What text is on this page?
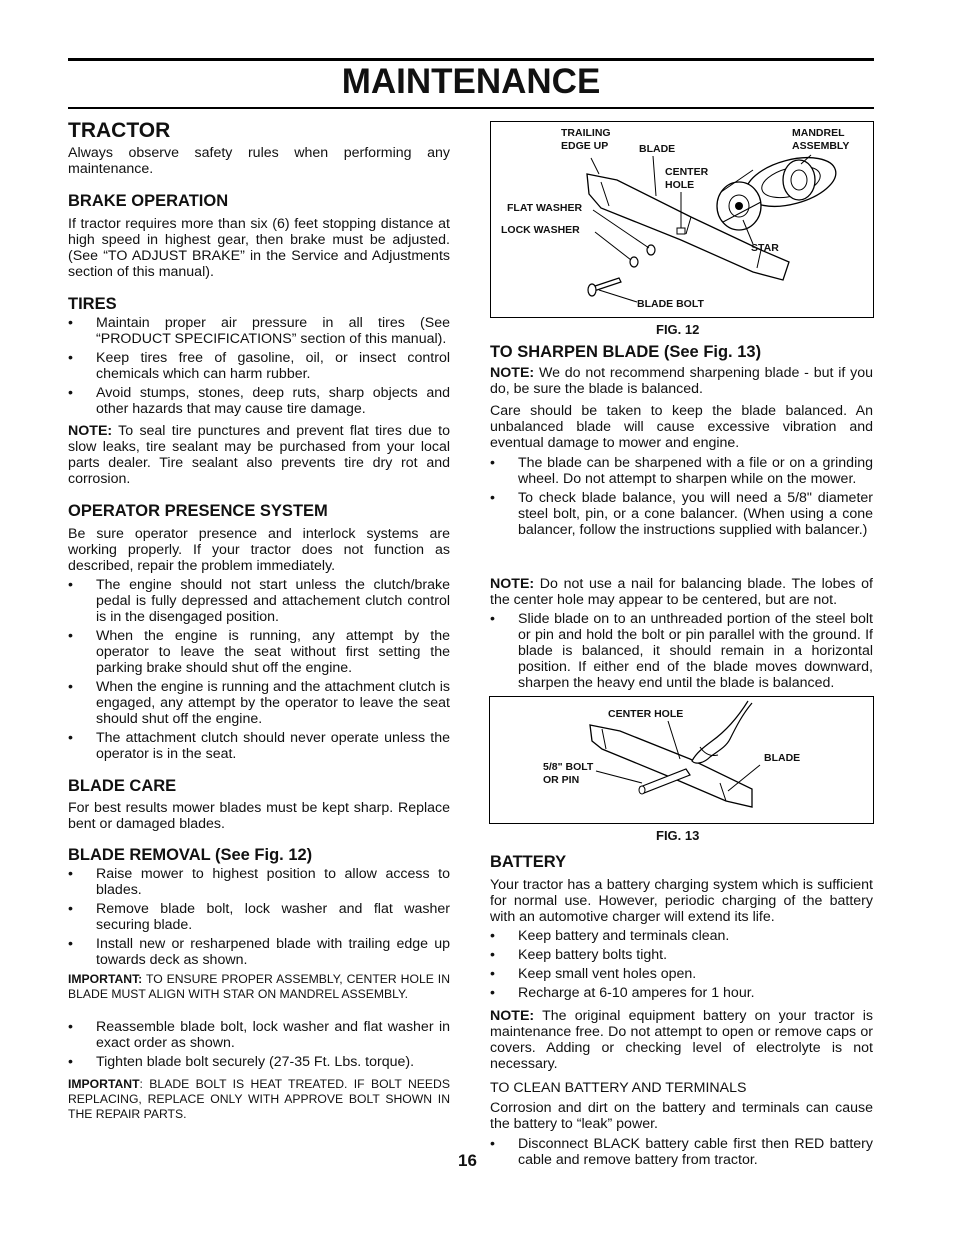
MAINTENANCE
TRACTOR

Always observe safety rules when performing any maintenance.

BRAKE OPERATION

If tractor requires more than six (6) feet stopping distance at high speed in highest gear, then brake must be adjusted. (See “TO ADJUST BRAKE” in the Service and Adjustments section of this manual).

TIRES
• Maintain proper air pressure in all tires (See “PRODUCT SPECIFICATIONS” section of this manual).
• Keep tires free of gasoline, oil, or insect control chemicals which can harm rubber.
• Avoid stumps, stones, deep ruts, sharp objects and other hazards that may cause tire damage.

NOTE: To seal tire punctures and prevent flat tires due to slow leaks, tire sealant may be purchased from your local parts dealer. Tire sealant also prevents tire dry rot and corrosion.

OPERATOR PRESENCE SYSTEM

Be sure operator presence and interlock systems are working properly. If your tractor does not function as described, repair the problem immediately.

• The engine should not start unless the clutch/brake pedal is fully depressed and attachement clutch control is in the disengaged position.
• When the engine is running, any attempt by the operator to leave the seat without first setting the parking brake should shut off the engine.
• When the engine is running and the attachment clutch is engaged, any attempt by the operator to leave the seat should shut off the engine.
• The attachment clutch should never operate unless the operator is in the seat.
BLADE CARE

For best results mower blades must be kept sharp. Replace bent or damaged blades.

BLADE REMOVAL (See Fig. 12)
• Raise mower to highest position to allow access to blades.
• Remove blade bolt, lock washer and flat washer securing blade.
• Install new or resharpened blade with trailing edge up towards deck as shown.

IMPORTANT: TO ENSURE PROPER ASSEMBLY, CENTER HOLE IN BLADE MUST ALIGN WITH STAR ON MANDREL ASSEMBLY.

• Reassemble blade bolt, lock washer and flat washer in exact order as shown.
• Tighten blade bolt securely (27-35 Ft. Lbs. torque).

IMPORTANT: BLADE BOLT IS HEAT TREATED. IF BOLT NEEDS REPLACING, REPLACE ONLY WITH APPROVE BOLT SHOWN IN THE REPAIR PARTS.

TRAILING
EDGE UP	BLADE
CENTER
HOLE
MANDREL
ASSEMBLY
FLAT WASHER
LOCK WASHER
STAR
BLADE BOLT
FIG. 12
TO SHARPEN BLADE (See Fig. 13)

NOTE: We do not recommend sharpening blade - but if you do, be sure the blade is balanced.

Care should be taken to keep the blade balanced. An unbalanced blade will cause excessive vibration and eventual damage to mower and engine.

• The blade can be sharpened with a file or on a grinding wheel. Do not attempt to sharpen while on the mower.
• To check blade balance, you will need a 5/8" diameter steel bolt, pin, or a cone balancer. (When using a cone balancer, follow the instructions supplied with balancer.)

NOTE: Do not use a nail for balancing blade. The lobes of the center hole may appear to be centered, but are not.

• Slide blade on to an unthreaded portion of the steel bolt or pin and hold the bolt or pin parallel with the ground. If blade is balanced, it should remain in a horizontal position. If either end of the blade moves downward, sharpen the heavy end until the blade is balanced.
CENTER HOLE
5/8" BOLT
OR PIN
BLADE
FIG. 13
BATTERY

Your tractor has a battery charging system which is sufficient for normal use. However, periodic charging of the battery with an automotive charger will extend its life.

• Keep battery and terminals clean.
• Keep battery bolts tight.
• Keep small vent holes open.
• Recharge at 6-10 amperes for 1 hour.

NOTE: The original equipment battery on your tractor is maintenance free. Do not attempt to open or remove caps or covers. Adding or checking level of electrolyte is not necessary.

TO CLEAN BATTERY AND TERMINALS

Corrosion and dirt on the battery and terminals can cause the battery to “leak” power.

• Disconnect BLACK battery cable first then RED battery cable and remove battery from tractor.
16
